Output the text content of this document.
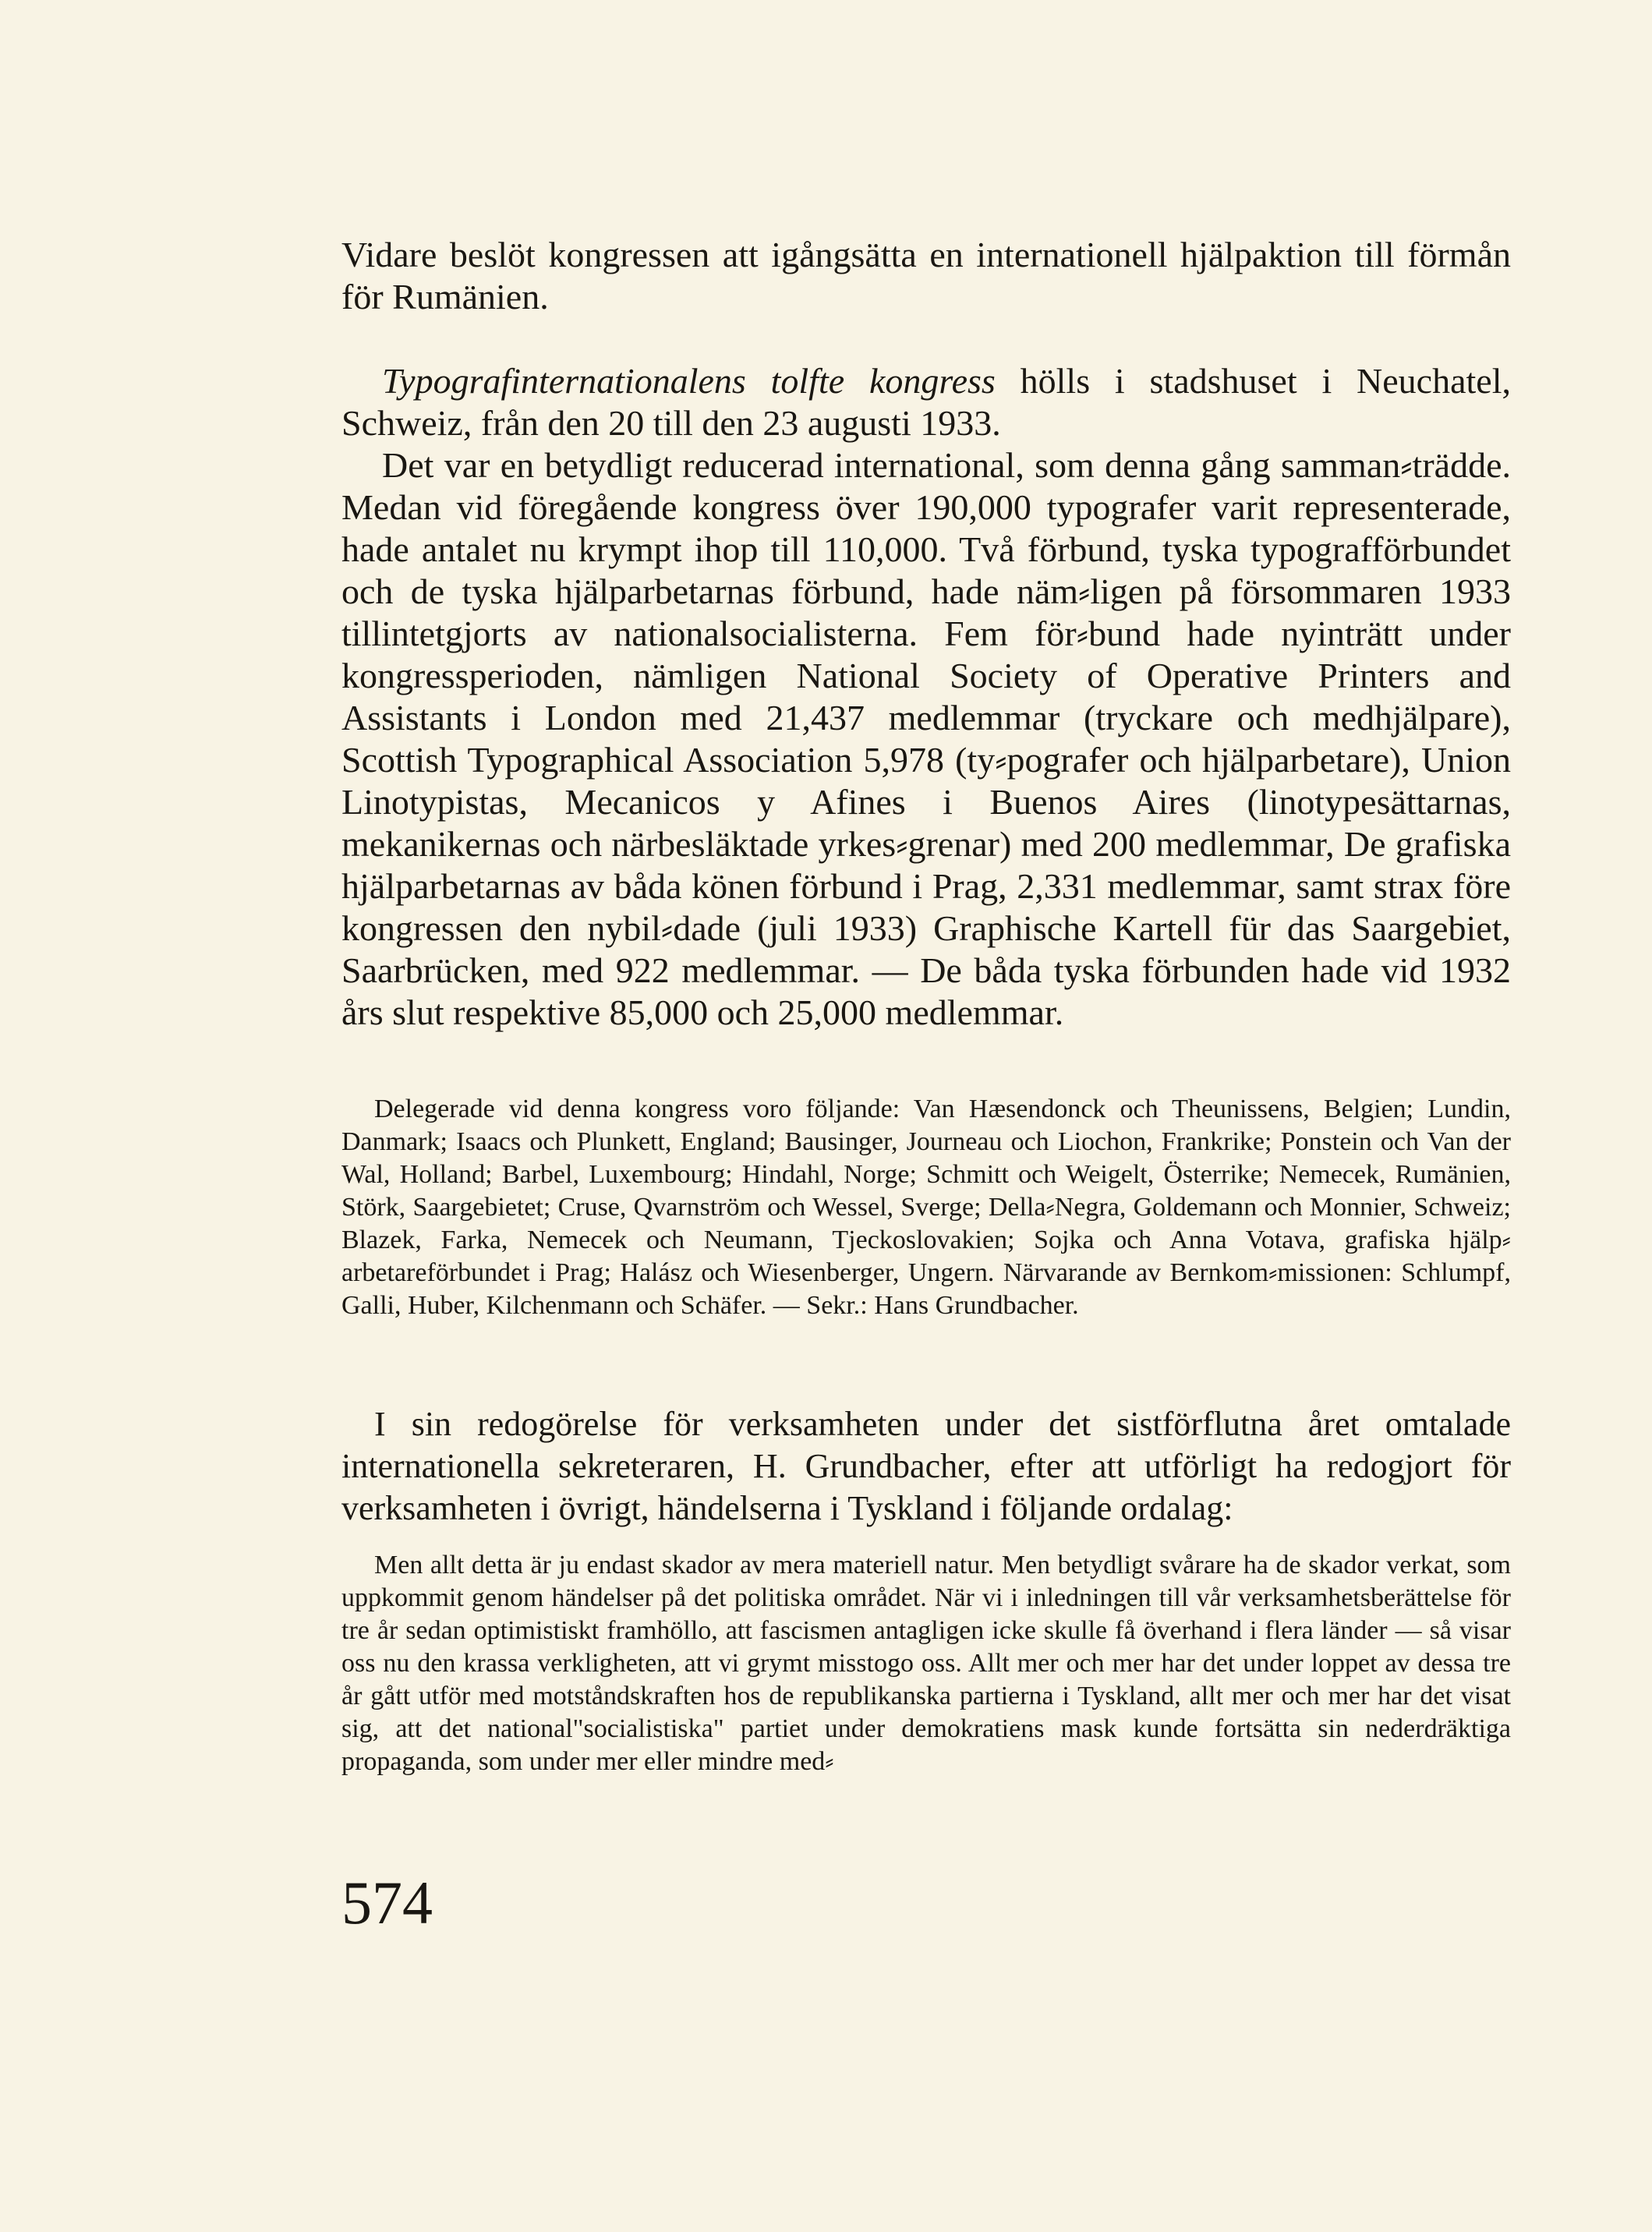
Vidare beslöt kongressen att igångsätta en internationell hjälpaktion till förmån för Rumänien.

Typografinternationalens tolfte kongress hölls i stadshuset i Neuchatel, Schweiz, från den 20 till den 23 augusti 1933.

Det var en betydligt reducerad international, som denna gång samman⸗trädde. Medan vid föregående kongress över 190,000 typografer varit representerade, hade antalet nu krympt ihop till 110,000. Två förbund, tyska typografförbundet och de tyska hjälparbetarnas förbund, hade näm⸗ligen på försommaren 1933 tillintetgjorts av nationalsocialisterna. Fem för⸗bund hade nyinträtt under kongressperioden, nämligen National Society of Operative Printers and Assistants i London med 21,437 medlemmar (tryckare och medhjälpare), Scottish Typographical Association 5,978 (ty⸗pografer och hjälparbetare), Union Linotypistas, Mecanicos y Afines i Buenos Aires (linotypesättarnas, mekanikernas och närbesläktade yrkes⸗grenar) med 200 medlemmar, De grafiska hjälparbetarnas av båda könen förbund i Prag, 2,331 medlemmar, samt strax före kongressen den nybil⸗dade (juli 1933) Graphische Kartell für das Saargebiet, Saarbrücken, med 922 medlemmar. — De båda tyska förbunden hade vid 1932 års slut respektive 85,000 och 25,000 medlemmar.

Delegerade vid denna kongress voro följande: Van Hæsendonck och Theunissens, Belgien; Lundin, Danmark; Isaacs och Plunkett, England; Bausinger, Journeau och Liochon, Frankrike; Ponstein och Van der Wal, Holland; Barbel, Luxembourg; Hindahl, Norge; Schmitt och Weigelt, Österrike; Nemecek, Rumänien, Störk, Saargebietet; Cruse, Qvarnström och Wessel, Sverge; Della⸗Negra, Goldemann och Monnier, Schweiz; Blazek, Farka, Nemecek och Neumann, Tjeckoslovakien; Sojka och Anna Votava, grafiska hjälp⸗arbetareförbundet i Prag; Halász och Wiesenberger, Ungern. Närvarande av Bernkom⸗missionen: Schlumpf, Galli, Huber, Kilchenmann och Schäfer. — Sekr.: Hans Grundbacher.

I sin redogörelse för verksamheten under det sistförflutna året omtalade internationella sekreteraren, H. Grundbacher, efter att utförligt ha redogjort för verksamheten i övrigt, händelserna i Tyskland i följande ordalag:

Men allt detta är ju endast skador av mera materiell natur. Men betydligt svårare ha de skador verkat, som uppkommit genom händelser på det politiska området. När vi i inledningen till vår verksamhetsberättelse för tre år sedan optimistiskt framhöllo, att fascismen antagligen icke skulle få överhand i flera länder — så visar oss nu den krassa verkligheten, att vi grymt misstogo oss. Allt mer och mer har det under loppet av dessa tre år gått utför med motståndskraften hos de republikanska partierna i Tyskland, allt mer och mer har det visat sig, att det national"socialistiska" partiet under demokratiens mask kunde fortsätta sin nederdräktiga propaganda, som under mer eller mindre med⸗

574
